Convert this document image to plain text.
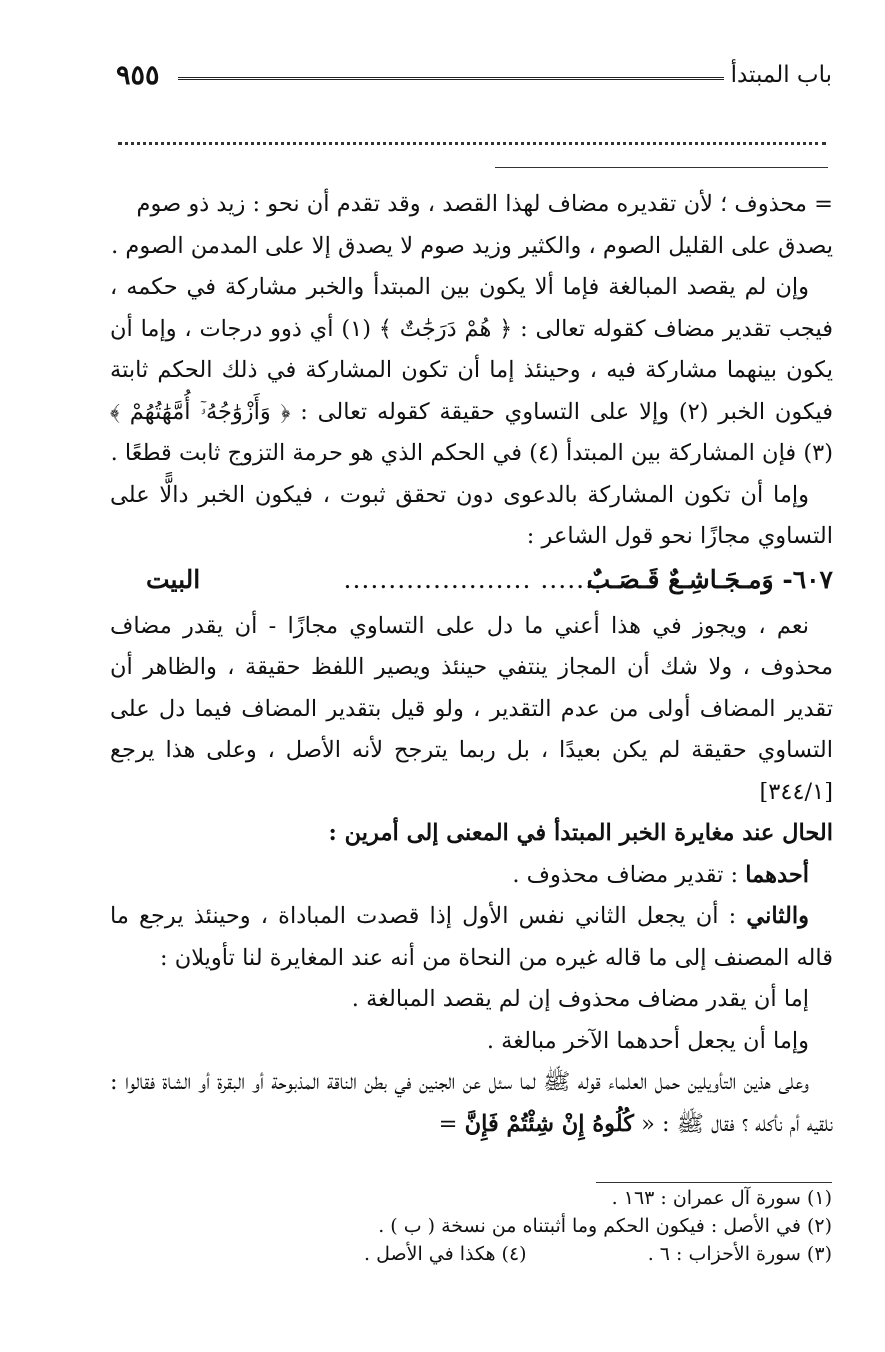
٩٥٥	باب المبتدأ

= محذوف ؛ لأن تقديره مضاف لهذا القصد ، وقد تقدم أن نحو : زيد ذو صوم

يصدق على القليل الصوم ، والكثير وزيد صوم لا يصدق إلا على المدمن الصوم .

وإن لم يقصد المبالغة فإما ألا يكون بين المبتدأ والخبر مشاركة في حكمه ، فيجب تقدير مضاف كقوله تعالى : ﴿ هُمْ دَرَجَٰتٌ ﴾ (١) أي ذوو درجات ، وإما أن يكون بينهما مشاركة فيه ، وحينئذ إما أن تكون المشاركة في ذلك الحكم ثابتة فيكون الخبر (٢) وإلا على التساوي حقيقة كقوله تعالى : ﴿ وَأَزْوَٰجُهُۥٓ أُمَّهَٰتُهُمْ ﴾ (٣) فإن المشاركة بين المبتدأ (٤) في الحكم الذي هو حرمة التزوج ثابت قطعًا .

وإما أن تكون المشاركة بالدعوى دون تحقق ثبوت ، فيكون الخبر دالًّا على التساوي مجازًا نحو قول الشاعر :

٦٠٧- وَمـجَـاشِـعٌ قَـصَـبٌ
....... .....................
البيت

نعم ، ويجوز في هذا أعني ما دل على التساوي مجازًا - أن يقدر مضاف محذوف ، ولا شك أن المجاز ينتفي حينئذ ويصير اللفظ حقيقة ، والظاهر أن تقدير المضاف أولى من عدم التقدير ، ولو قيل بتقدير المضاف فيما دل على التساوي حقيقة لم يكن بعيدًا ، بل ربما يترجح لأنه الأصل ، وعلى هذا يرجع [٣٤٤/١]

الحال عند مغايرة الخبر المبتدأ في المعنى إلى أمرين :

أحدهما : تقدير مضاف محذوف .

والثاني : أن يجعل الثاني نفس الأول إذا قصدت المباداة ، وحينئذ يرجع ما قاله المصنف إلى ما قاله غيره من النحاة من أنه عند المغايرة لنا تأويلان :

إما أن يقدر مضاف محذوف إن لم يقصد المبالغة .

وإما أن يجعل أحدهما الآخر مبالغة .

وعلى هذين التأويلين حمل العلماء قوله ﷺ لما سئل عن الجنين في بطن الناقة المذبوحة أو البقرة أو الشاة فقالوا : نلقيه أم نأكله ؟ فقال ﷺ : « كُلُوهُ إِنْ شِئْتُمْ فَإِنَّ =

(١) سورة آل عمران : ١٦٣ .
(٢) في الأصل : فيكون الحكم وما أثبتناه من نسخة ( ب ) .
(٣) سورة الأحزاب : ٦ .
(٤) هكذا في الأصل .
